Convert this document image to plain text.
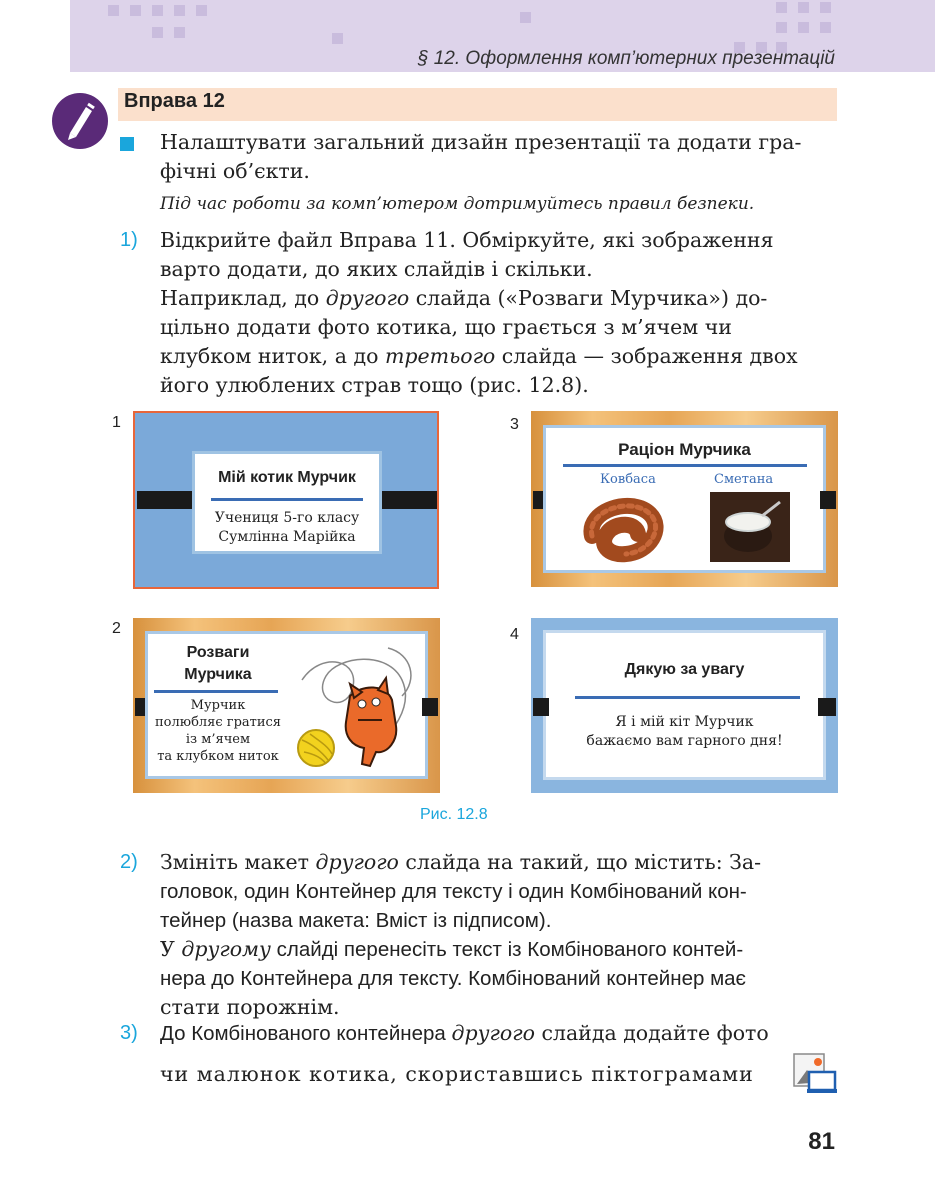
§ 12. Оформлення комп’ютерних презентацій
Вправа 12
Налаштувати загальний дизайн презентації та додати гра-
фічні об’єкти.
Під час роботи за комп’ютером дотримуйтесь правил безпеки.
1) Відкрийте файл Вправа 11. Обміркуйте, які зображення
варто додати, до яких слайдів і скільки.
Наприклад, до другого слайда («Розваги Мурчика») до-
цільно додати фото котика, що грається з м’ячем чи
клубком ниток, а до третього слайда — зображення двох
його улюблених страв тощо (рис. 12.8).
1
Мій котик Мурчик
Учениця 5-го класу
Сумлінна Марійка
3
Раціон Мурчика
Ковбаса	Сметана
2
Розваги
Мурчика
Мурчик
полюбляє гратися
із м’ячем
та клубком ниток
4
Дякую за увагу
Я і мій кіт Мурчик
бажаємо вам гарного дня!
Рис. 12.8
2) Змініть макет другого слайда на такий, що містить: За-
головок, один Контейнер для тексту і один Комбінований кон-
тейнер (назва макета: Вміст із підписом).
У другому слайді перенесіть текст із Комбінованого контей-
нера до Контейнера для тексту. Комбінований контейнер має
стати порожнім.
3) До Комбінованого контейнера другого слайда додайте фото
чи малюнок котика, скориставшись піктограмами
81
